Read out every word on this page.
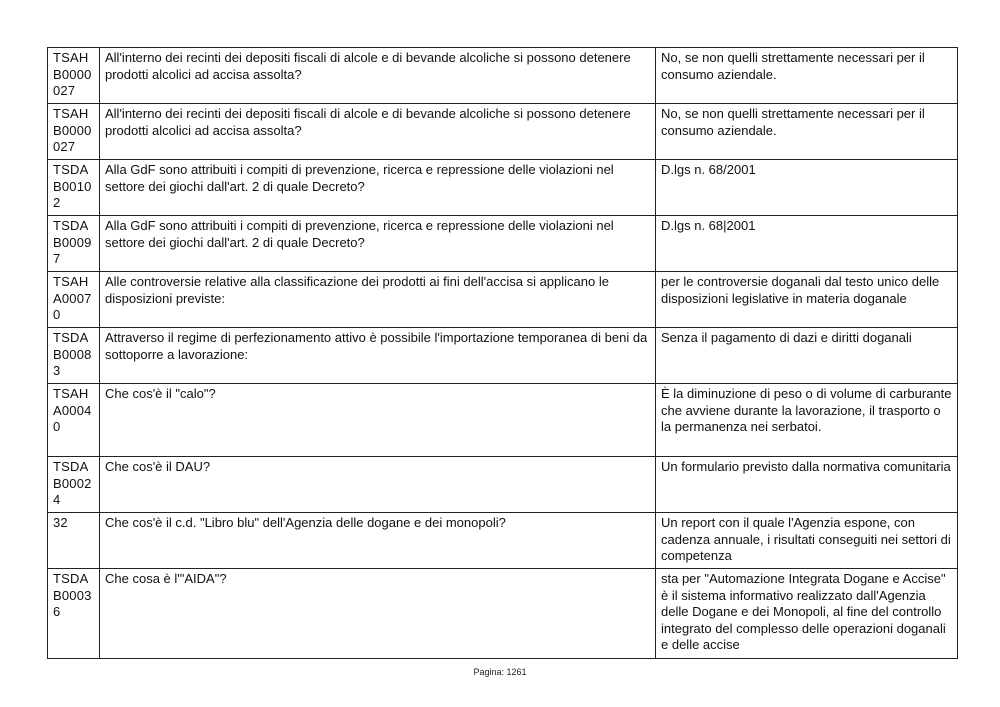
TSAH B0000 027	All'interno dei recinti dei depositi fiscali di alcole e di bevande alcoliche si possono detenere prodotti alcolici ad accisa assolta?	No, se non quelli strettamente necessari per il consumo aziendale.
TSAH B0000 027	All'interno dei recinti dei depositi fiscali di alcole e di bevande alcoliche si possono detenere prodotti alcolici ad accisa assolta?	No, se non quelli strettamente necessari per il consumo aziendale.
TSDA B0010 2	Alla GdF sono attribuiti i compiti di prevenzione, ricerca e repressione delle violazioni nel settore dei giochi dall'art. 2 di quale Decreto?	D.lgs n. 68/2001
TSDA B0009 7	Alla GdF sono attribuiti i compiti di prevenzione, ricerca e repressione delle violazioni nel settore dei giochi dall'art. 2 di quale Decreto?	D.lgs n. 68|2001
TSAH A0007 0	Alle controversie relative alla classificazione dei prodotti ai fini dell'accisa si applicano le disposizioni previste:	per le controversie doganali dal testo unico delle disposizioni legislative in materia doganale
TSDA B0008 3	Attraverso il regime di perfezionamento attivo è possibile l'importazione temporanea di beni da sottoporre a lavorazione:	Senza il pagamento di dazi e diritti doganali
TSAH A0004 0	Che cos'è il "calo"?	È la diminuzione di peso o di volume di carburante che avviene durante la lavorazione, il trasporto o la permanenza nei serbatoi.
TSDA B0002 4	Che cos'è il DAU?	Un formulario previsto dalla normativa comunitaria
32	Che cos'è il c.d. "Libro blu" dell'Agenzia delle dogane e dei monopoli?	Un report con il quale l'Agenzia espone, con cadenza annuale, i risultati conseguiti nei settori di competenza
TSDA B0003 6	Che cosa è l'"AIDA"?	sta per "Automazione Integrata Dogane e Accise" è il sistema informativo realizzato dall'Agenzia delle Dogane e dei Monopoli, al fine del controllo integrato del complesso delle operazioni doganali e delle accise
Pagina: 1261
